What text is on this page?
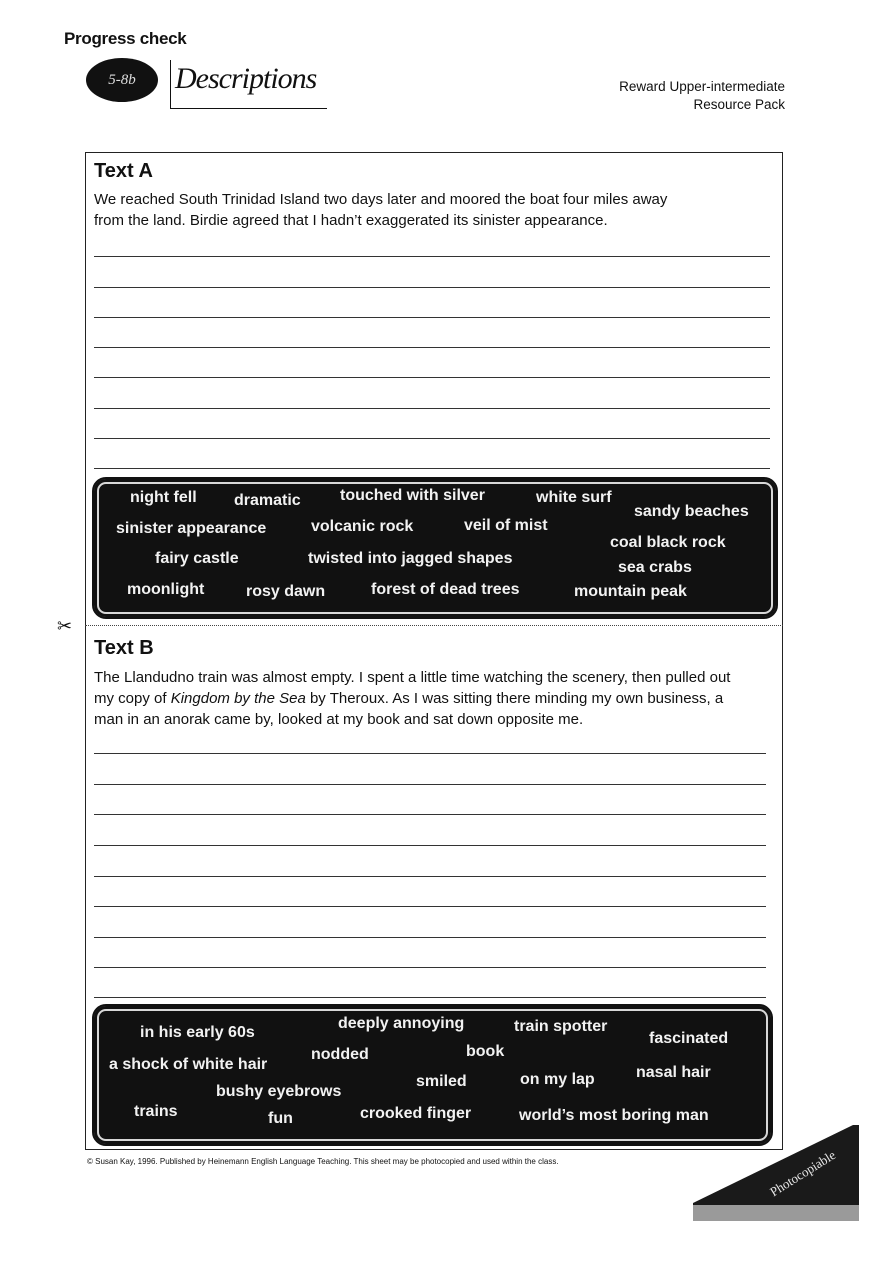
Progress check
5-8b	Descriptions	Reward Upper-intermediate
Resource Pack
Text A
We reached South Trinidad Island two days later and moored the boat four miles away
from the land. Birdie agreed that I hadn’t exaggerated its sinister appearance.
night fell dramatic touched with silver	white surf
sandy beaches
sinister appearance	volcanic rock	veil of mist
coal black rock
fairy castle	twisted into jagged shapes
sea crabs
moonlight	rosy dawn	forest of dead trees	mountain peak
✂
Text B
The Llandudno train was almost empty. I spent a little time watching the scenery, then pulled out
my copy of Kingdom by the Sea by Theroux. As I was sitting there minding my own business, a
man in an anorak came by, looked at my book and sat down opposite me.
in his early 60s
deeply annoying	train spotter
fascinated
a shock of white hair
nodded	book
smiled	on my lap	nasal hair
bushy eyebrows
trains	fun	crooked finger	world’s most boring man
© Susan Kay, 1996. Published by Heinemann English Language Teaching. This sheet may be photocopied and used within the class.	Photocopiable
